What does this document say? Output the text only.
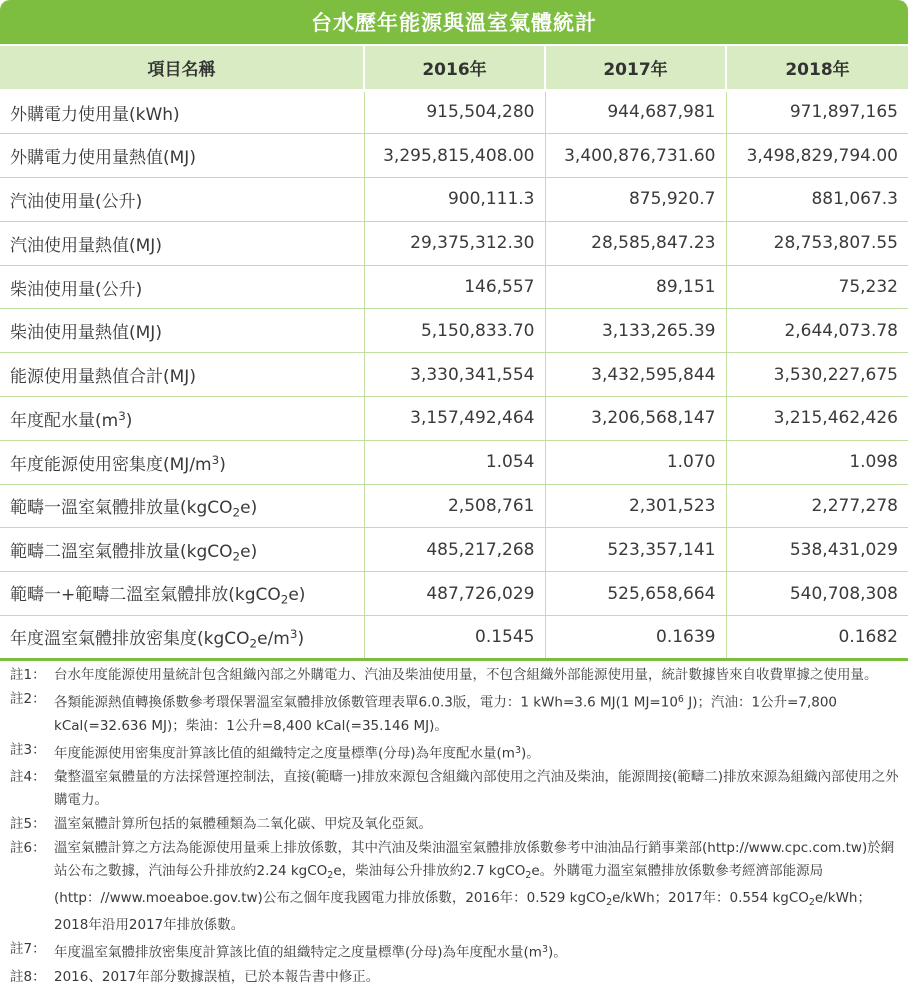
台水歷年能源與溫室氣體統計
項目名稱	2016年	2017年	2018年
外購電力使用量(kWh)	915,504,280	944,687,981	971,897,165
外購電力使用量熱值(MJ)	3,295,815,408.00	3,400,876,731.60	3,498,829,794.00
汽油使用量(公升)	900,111.3	875,920.7	881,067.3
汽油使用量熱值(MJ)	29,375,312.30	28,585,847.23	28,753,807.55
柴油使用量(公升)	146,557	89,151	75,232
柴油使用量熱值(MJ)	5,150,833.70	3,133,265.39	2,644,073.78
能源使用量熱值合計(MJ)	3,330,341,554	3,432,595,844	3,530,227,675
年度配水量$(m^3)$	3,157,492,464	3,206,568,147	3,215,462,426
年度能源使用密集度$(MJ/m^3)$	1.054	1.070	1.098
範疇一溫室氣體排放量(kgCO$_2$e)	2,508,761	2,301,523	2,277,278
範疇二溫室氣體排放量(kgCO$_2$e)	485,217,268	523,357,141	538,431,029
範疇一+範疇二溫室氣體排放(kgCO$_2$e)	487,726,029	525,658,664	540,708,308
年度溫室氣體排放密集度$(kgCO_2e/m^3)$	0.1545	0.1639	0.1682
註1： 台水年度能源使用量統計包含組織內部之外購電力、汽油及柴油使用量，不包含組織外部能源使用量，統計數據皆來自收費單據之使用量。
註2： 各類能源熱值轉換係數參考環保署溫室氣體排放係數管理表單6.0.3版，電力：1 kWh=3.6 MJ(1 $MJ=10^6$ J)；汽油：1公升=7,800 kCal(=32.636 MJ)；柴油：1公升=8,400 kCal(=35.146 MJ)。
註3： 年度能源使用密集度計算該比值的組織特定之度量標準(分母)為年度配水量$(m^3)$。
註4： 彙整溫室氣體量的方法採營運控制法，直接(範疇一)排放來源包含組織內部使用之汽油及柴油，能源間接(範疇二)排放來源為組織內部使用之外購電力。
註5： 溫室氣體計算所包括的氣體種類為二氧化碳、甲烷及氧化亞氮。
註6： 溫室氣體計算之方法為能源使用量乘上排放係數，其中汽油及柴油溫室氣體排放係數參考中油油品行銷事業部(http://www.cpc.com.tw)於網站公布之數據，汽油每公升排放約2.24 kgCO$_2$e，柴油每公升排放約2.7 kgCO$_2$e。外購電力溫室氣體排放係數參考經濟部能源局(http：//www.moeaboe.gov.tw)公布之個年度我國電力排放係數，2016年：0.529 kgCO$_2$e/kWh；2017年：0.554 kgCO$_2$e/kWh；2018年沿用2017年排放係數。
註7： 年度溫室氣體排放密集度計算該比值的組織特定之度量標準(分母)為年度配水量$(m^3)$。
註8： 2016、2017年部分數據誤植，已於本報告書中修正。
